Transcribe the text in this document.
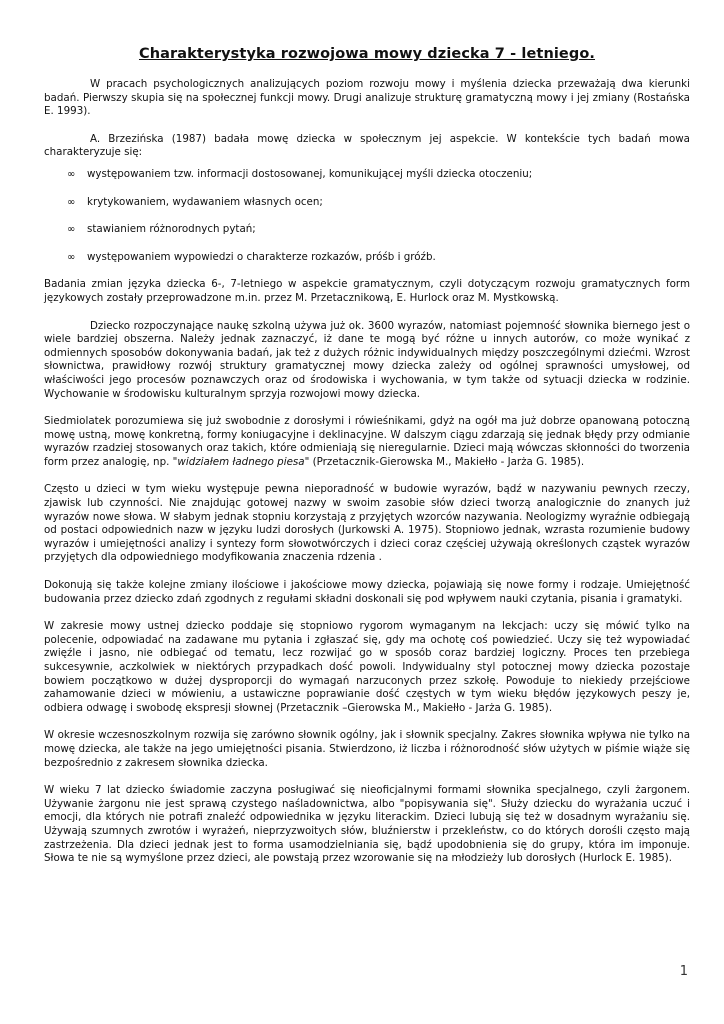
Charakterystyka rozwojowa mowy dziecka 7 - letniego.

W pracach psychologicznych analizujących poziom rozwoju mowy i myślenia dziecka przeważają dwa kierunki badań. Pierwszy skupia się na społecznej funkcji mowy. Drugi analizuje strukturę gramatyczną mowy i jej zmiany (Rostańska E. 1993).

A. Brzezińska (1987) badała mowę dziecka w społecznym jej aspekcie. W kontekście tych badań mowa charakteryzuje się:

∞ występowaniem tzw. informacji dostosowanej, komunikującej myśli dziecka otoczeniu;
∞ krytykowaniem, wydawaniem własnych ocen;
∞ stawianiem różnorodnych pytań;
∞ występowaniem wypowiedzi o charakterze rozkazów, próśb i gróźb.

Badania zmian języka dziecka 6-, 7-letniego w aspekcie gramatycznym, czyli dotyczącym rozwoju gramatycznych form językowych zostały przeprowadzone m.in. przez M. Przetacznikową, E. Hurlock oraz M. Mystkowską.

Dziecko rozpoczynające naukę szkolną używa już ok. 3600 wyrazów, natomiast pojemność słownika biernego jest o wiele bardziej obszerna. Należy jednak zaznaczyć, iż dane te mogą być różne u innych autorów, co może wynikać z odmiennych sposobów dokonywania badań, jak też z dużych różnic indywidualnych między poszczególnymi dziećmi. Wzrost słownictwa, prawidłowy rozwój struktury gramatycznej mowy dziecka zależy od ogólnej sprawności umysłowej, od właściwości jego procesów poznawczych oraz od środowiska i wychowania, w tym także od sytuacji dziecka w rodzinie. Wychowanie w środowisku kulturalnym sprzyja rozwojowi mowy dziecka.

Siedmiolatek porozumiewa się już swobodnie z dorosłymi i rówieśnikami, gdyż na ogół ma już dobrze opanowaną potoczną mowę ustną, mowę konkretną, formy koniugacyjne i deklinacyjne. W dalszym ciągu zdarzają się jednak błędy przy odmianie wyrazów rzadziej stosowanych oraz takich, które odmieniają się nieregularnie. Dzieci mają wówczas skłonności do tworzenia form przez analogię, np. "widziałem ładnego piesa" (Przetacznik-Gierowska M., Makiełło - Jarża G. 1985).

Często u dzieci w tym wieku występuje pewna nieporadność w budowie wyrazów, bądź w nazywaniu pewnych rzeczy, zjawisk lub czynności. Nie znajdując gotowej nazwy w swoim zasobie słów dzieci tworzą analogicznie do znanych już wyrazów nowe słowa. W słabym jednak stopniu korzystają z przyjętych wzorców nazywania. Neologizmy wyraźnie odbiegają od postaci odpowiednich nazw w języku ludzi dorosłych (Jurkowski A. 1975). Stopniowo jednak, wzrasta rozumienie budowy wyrazów i umiejętności analizy i syntezy form słowotwórczych i dzieci coraz częściej używają określonych cząstek wyrazów przyjętych dla odpowiedniego modyfikowania znaczenia rdzenia .

Dokonują się także kolejne zmiany ilościowe i jakościowe mowy dziecka, pojawiają się nowe formy i rodzaje. Umiejętność budowania przez dziecko zdań zgodnych z regułami składni doskonali się pod wpływem nauki czytania, pisania i gramatyki.

W zakresie mowy ustnej dziecko poddaje się stopniowo rygorom wymaganym na lekcjach: uczy się mówić tylko na polecenie, odpowiadać na zadawane mu pytania i zgłaszać się, gdy ma ochotę coś powiedzieć. Uczy się też wypowiadać zwięźle i jasno, nie odbiegać od tematu, lecz rozwijać go w sposób coraz bardziej logiczny. Proces ten przebiega sukcesywnie, aczkolwiek w niektórych przypadkach dość powoli. Indywidualny styl potocznej mowy dziecka pozostaje bowiem początkowo w dużej dysproporcji do wymagań narzuconych przez szkołę. Powoduje to niekiedy przejściowe zahamowanie dzieci w mówieniu, a ustawiczne poprawianie dość częstych w tym wieku błędów językowych peszy je, odbiera odwagę i swobodę ekspresji słownej (Przetacznik –Gierowska M., Makiełło - Jarża G. 1985).

W okresie wczesnoszkolnym rozwija się zarówno słownik ogólny, jak i słownik specjalny. Zakres słownika wpływa nie tylko na mowę dziecka, ale także na jego umiejętności pisania. Stwierdzono, iż liczba i różnorodność słów użytych w piśmie wiąże się bezpośrednio z zakresem słownika dziecka.

W wieku 7 lat dziecko świadomie zaczyna posługiwać się nieoficjalnymi formami słownika specjalnego, czyli żargonem. Używanie żargonu nie jest sprawą czystego naśladownictwa, albo "popisywania się". Służy dziecku do wyrażania uczuć i emocji, dla których nie potrafi znaleźć odpowiednika w języku literackim. Dzieci lubują się też w dosadnym wyrażaniu się. Używają szumnych zwrotów i wyrażeń, nieprzyzwoitych słów, bluźnierstw i przekleństw, co do których dorośli często mają zastrzeżenia. Dla dzieci jednak jest to forma usamodzielniania się, bądź upodobnienia się do grupy, która im imponuje. Słowa te nie są wymyślone przez dzieci, ale powstają przez wzorowanie się na młodzieży lub dorosłych (Hurlock E. 1985).

1
